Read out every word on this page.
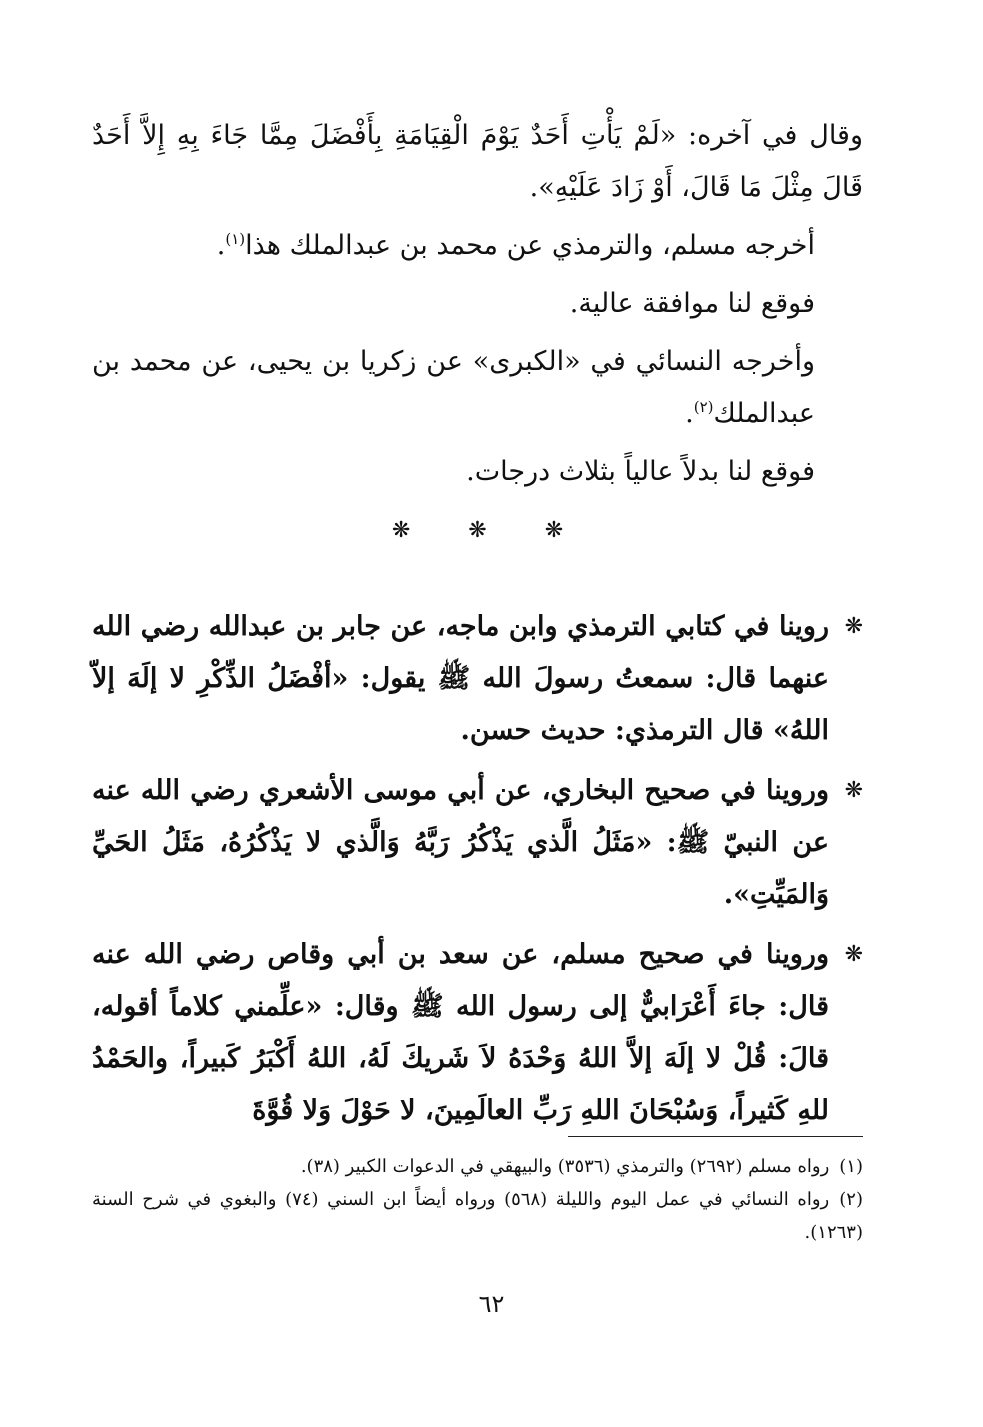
وقال في آخره: «لَمْ يَأْتِ أَحَدٌ يَوْمَ الْقِيَامَةِ بِأَفْضَلَ مِمَّا جَاءَ بِهِ إِلاَّ أَحَدٌ قَالَ مِثْلَ مَا قَالَ، أَوْ زَادَ عَلَيْهِ».

أخرجه مسلم، والترمذي عن محمد بن عبدالملك هذا$^{(١)}$.

فوقع لنا موافقة عالية.

وأخرجه النسائي في «الكبرى» عن زكريا بن يحيى، عن محمد بن عبدالملك$^{(٢)}$.

فوقع لنا بدلاً عالياً بثلاث درجات.

❋	❋	❋
❋

روينا في كتابي الترمذي وابن ماجه، عن جابر بن عبدالله رضي الله عنهما قال: سمعتُ رسولَ الله ﷺ يقول: «أفْضَلُ الذِّكْرِ لا إلَهَ إلاّ اللهُ» قال الترمذي: حديث حسن.

❋

وروينا في صحيح البخاري، عن أبي موسى الأشعري رضي الله عنه عن النبيّ ﷺ: «مَثَلُ الَّذي يَذْكُرُ رَبَّهُ وَالَّذي لا يَذْكُرُهُ، مَثَلُ الحَيِّ وَالمَيِّتِ».

❋

وروينا في صحيح مسلم، عن سعد بن أبي وقاص رضي الله عنه قال: جاءَ أَعْرَابيٌّ إلى رسول الله ﷺ وقال: «علِّمني كلاماً أقوله، قالَ: قُلْ لا إلَهَ إلاَّ اللهُ وَحْدَهُ لاَ شَريكَ لَهُ، اللهُ أَكْبَرُ كَبيراً، والحَمْدُ للهِ كَثيراً، وَسُبْحَانَ اللهِ رَبِّ العالَمِينَ، لا حَوْلَ وَلا قُوَّةَ

(١)رواه مسلم (٢٦٩٢) والترمذي (٣٥٣٦) والبيهقي في الدعوات الكبير (٣٨).

(٢)رواه النسائي في عمل اليوم والليلة (٥٦٨) ورواه أيضاً ابن السني (٧٤) والبغوي في شرح السنة (١٢٦٣).

٦٢
